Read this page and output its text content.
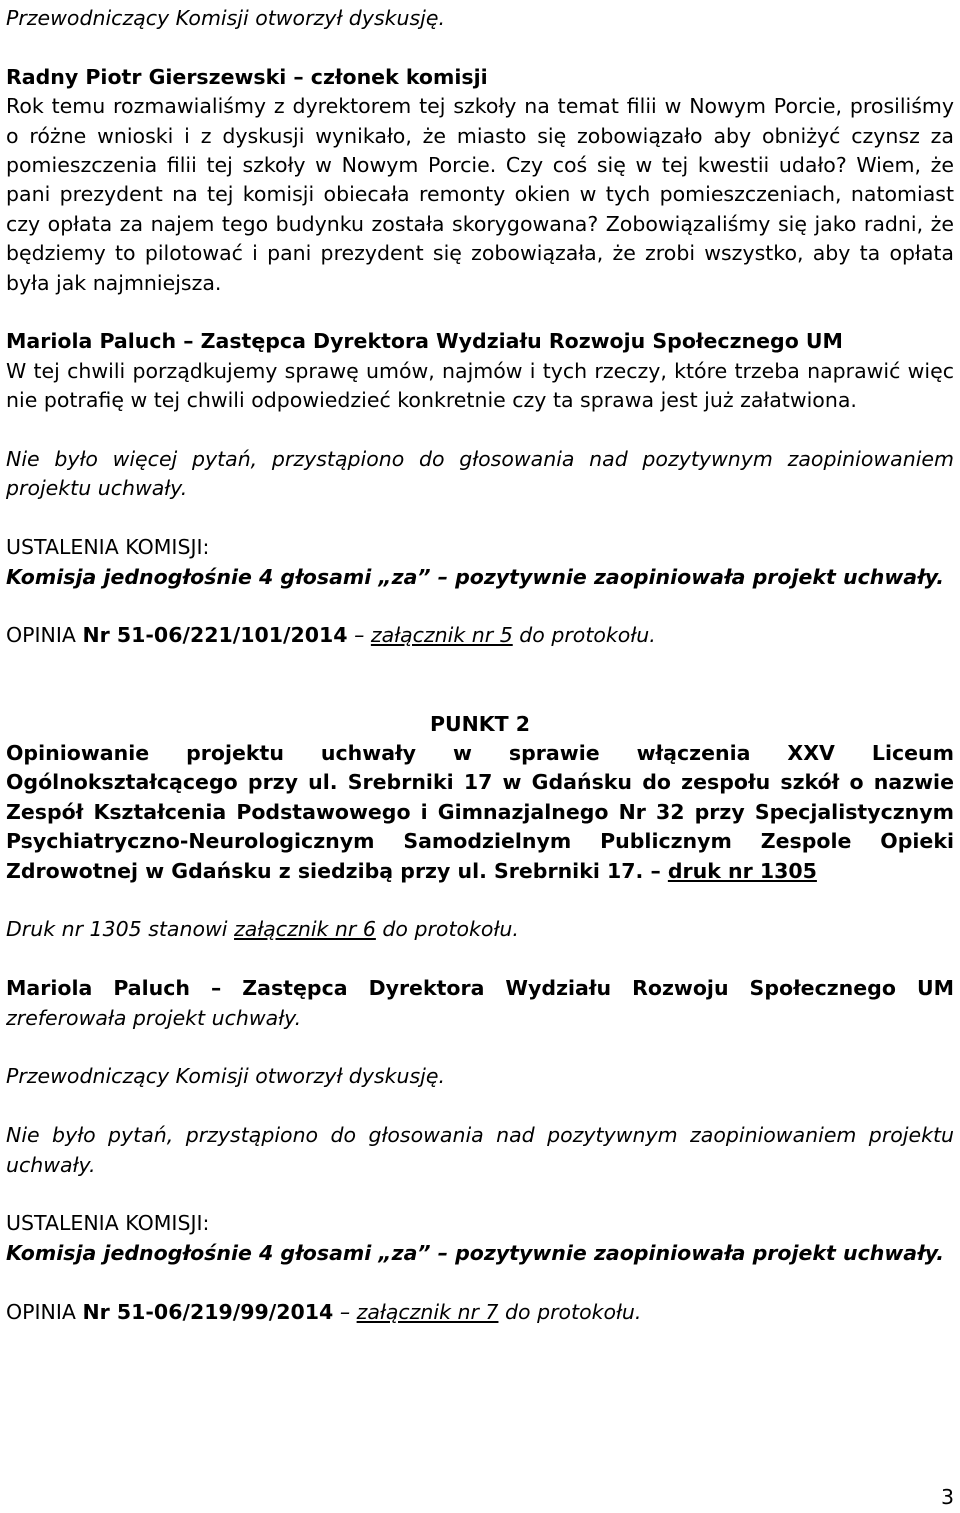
Przewodniczący Komisji otworzył dyskusję.

Radny Piotr Gierszewski – członek komisji

Rok temu rozmawialiśmy z dyrektorem tej szkoły na temat filii w Nowym Porcie, prosiliśmy o różne wnioski i z dyskusji wynikało, że miasto się zobowiązało aby obniżyć czynsz za pomieszczenia filii tej szkoły w Nowym Porcie. Czy coś się w tej kwestii udało? Wiem, że pani prezydent na tej komisji obiecała remonty okien w tych pomieszczeniach, natomiast czy opłata za najem tego budynku została skorygowana? Zobowiązaliśmy się jako radni, że będziemy to pilotować i pani prezydent się zobowiązała, że zrobi wszystko, aby ta opłata była jak najmniejsza.

Mariola Paluch – Zastępca Dyrektora Wydziału Rozwoju Społecznego UM

W tej chwili porządkujemy sprawę umów, najmów i tych rzeczy, które trzeba naprawić więc nie potrafię w tej chwili odpowiedzieć konkretnie czy ta sprawa jest już załatwiona.

Nie było więcej pytań, przystąpiono do głosowania nad pozytywnym zaopiniowaniem projektu uchwały.

USTALENIA KOMISJI:

Komisja jednogłośnie 4 głosami „za” – pozytywnie zaopiniowała projekt uchwały.

OPINIA Nr 51-06/221/101/2014 – załącznik nr 5 do protokołu.

PUNKT 2

Opiniowanie projektu uchwały w sprawie włączenia XXV Liceum Ogólnokształcącego przy ul. Srebrniki 17 w Gdańsku do zespołu szkół o nazwie Zespół Kształcenia Podstawowego i Gimnazjalnego Nr 32 przy Specjalistycznym Psychiatryczno-Neurologicznym Samodzielnym Publicznym Zespole Opieki Zdrowotnej w Gdańsku z siedzibą przy ul. Srebrniki 17. – druk nr 1305

Druk nr 1305 stanowi załącznik nr 6 do protokołu.

Mariola Paluch – Zastępca Dyrektora Wydziału Rozwoju Społecznego UM zreferowała projekt uchwały.

Przewodniczący Komisji otworzył dyskusję.

Nie było pytań, przystąpiono do głosowania nad pozytywnym zaopiniowaniem projektu uchwały.

USTALENIA KOMISJI:

Komisja jednogłośnie 4 głosami „za” – pozytywnie zaopiniowała projekt uchwały.

OPINIA Nr 51-06/219/99/2014 – załącznik nr 7 do protokołu.

3
